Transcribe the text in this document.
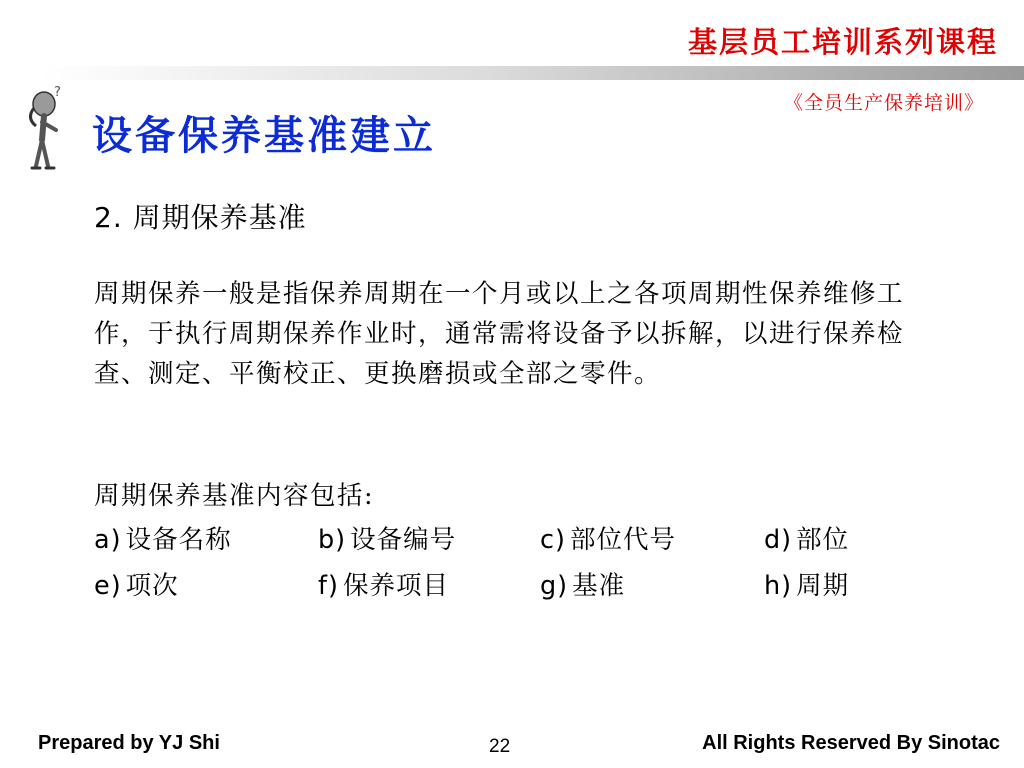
基层员工培训系列课程
《全员生产保养培训》
?
设备保养基准建立
2. 周期保养基准
周期保养一般是指保养周期在一个月或以上之各项周期性保养维修工作，于执行周期保养作业时，通常需将设备予以拆解，以进行保养检查、测定、平衡校正、更换磨损或全部之零件。
周期保养基准内容包括:
a) 设备名称	b) 设备编号	c) 部位代号	d) 部位
e) 项次	f) 保养项目	g) 基准	h) 周期
Prepared by YJ Shi	22	All Rights Reserved By Sinotac
